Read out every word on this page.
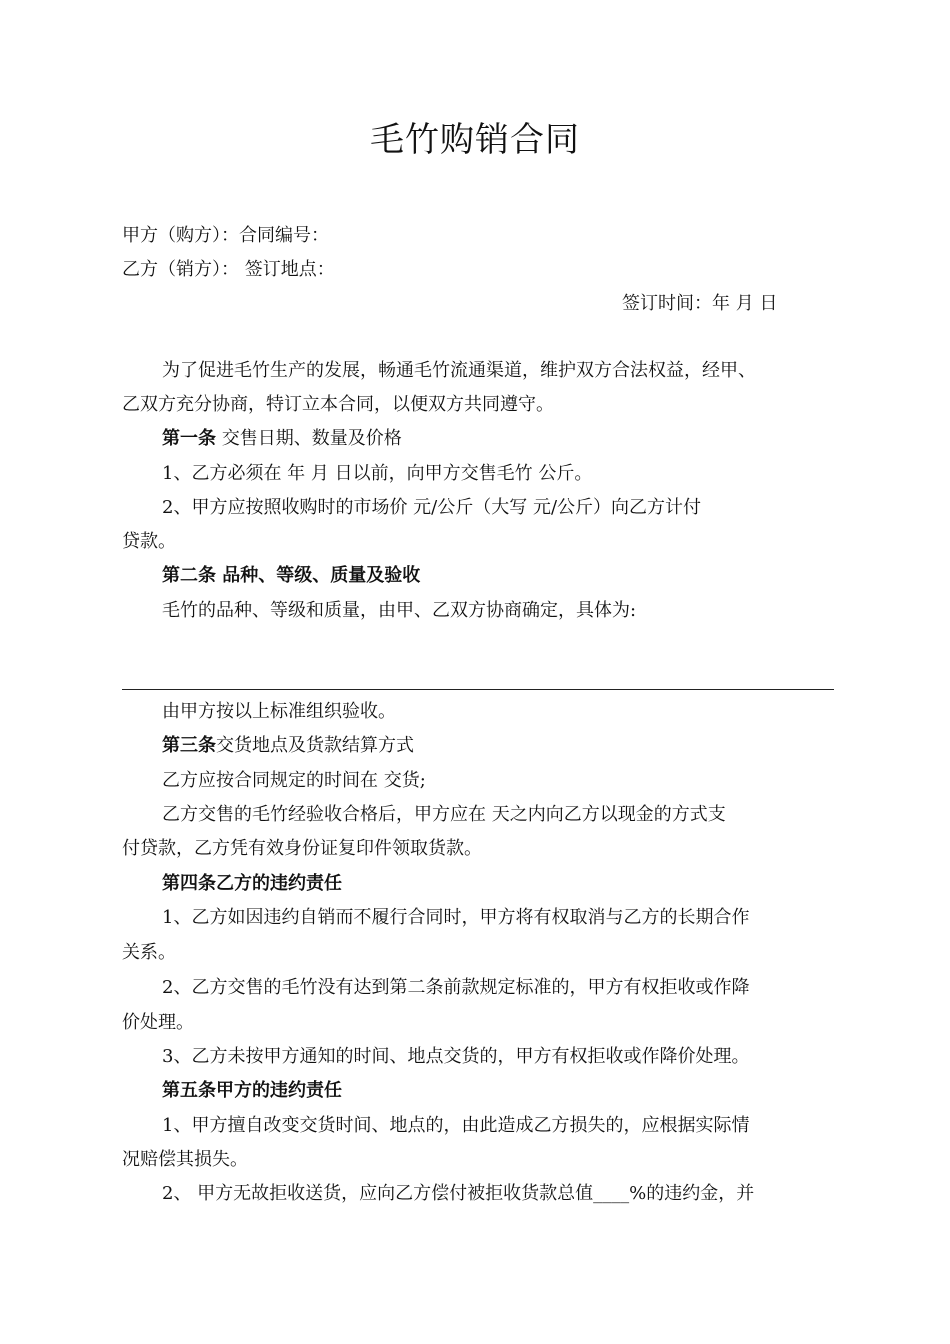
毛竹购销合同
甲方（购方）：合同编号：
乙方（销方）： 签订地点：
签订时间：年 月 日
为了促进毛竹生产的发展，畅通毛竹流通渠道，维护双方合法权益，经甲、
乙双方充分协商，特订立本合同，以便双方共同遵守。
第一条 交售日期、数量及价格
1、乙方必须在 年 月 日以前，向甲方交售毛竹 公斤。
2、甲方应按照收购时的市场价 元/公斤（大写 元/公斤）向乙方计付
贷款。
第二条 品种、等级、质量及验收
毛竹的品种、等级和质量，由甲、乙双方协商确定，具体为:
由甲方按以上标准组织验收。
第三条交货地点及货款结算方式
乙方应按合同规定的时间在 交货;
乙方交售的毛竹经验收合格后，甲方应在 天之内向乙方以现金的方式支
付贷款，乙方凭有效身份证复印件领取货款。
第四条乙方的违约责任
1、乙方如因违约自销而不履行合同时，甲方将有权取消与乙方的长期合作
关系。
2、乙方交售的毛竹没有达到第二条前款规定标准的，甲方有权拒收或作降
价处理。
3、乙方未按甲方通知的时间、地点交货的，甲方有权拒收或作降价处理。
第五条甲方的违约责任
1、甲方擅自改变交货时间、地点的，由此造成乙方损失的，应根据实际情
况赔偿其损失。
2、 甲方无故拒收送货，应向乙方偿付被拒收货款总值____%的违约金，并
